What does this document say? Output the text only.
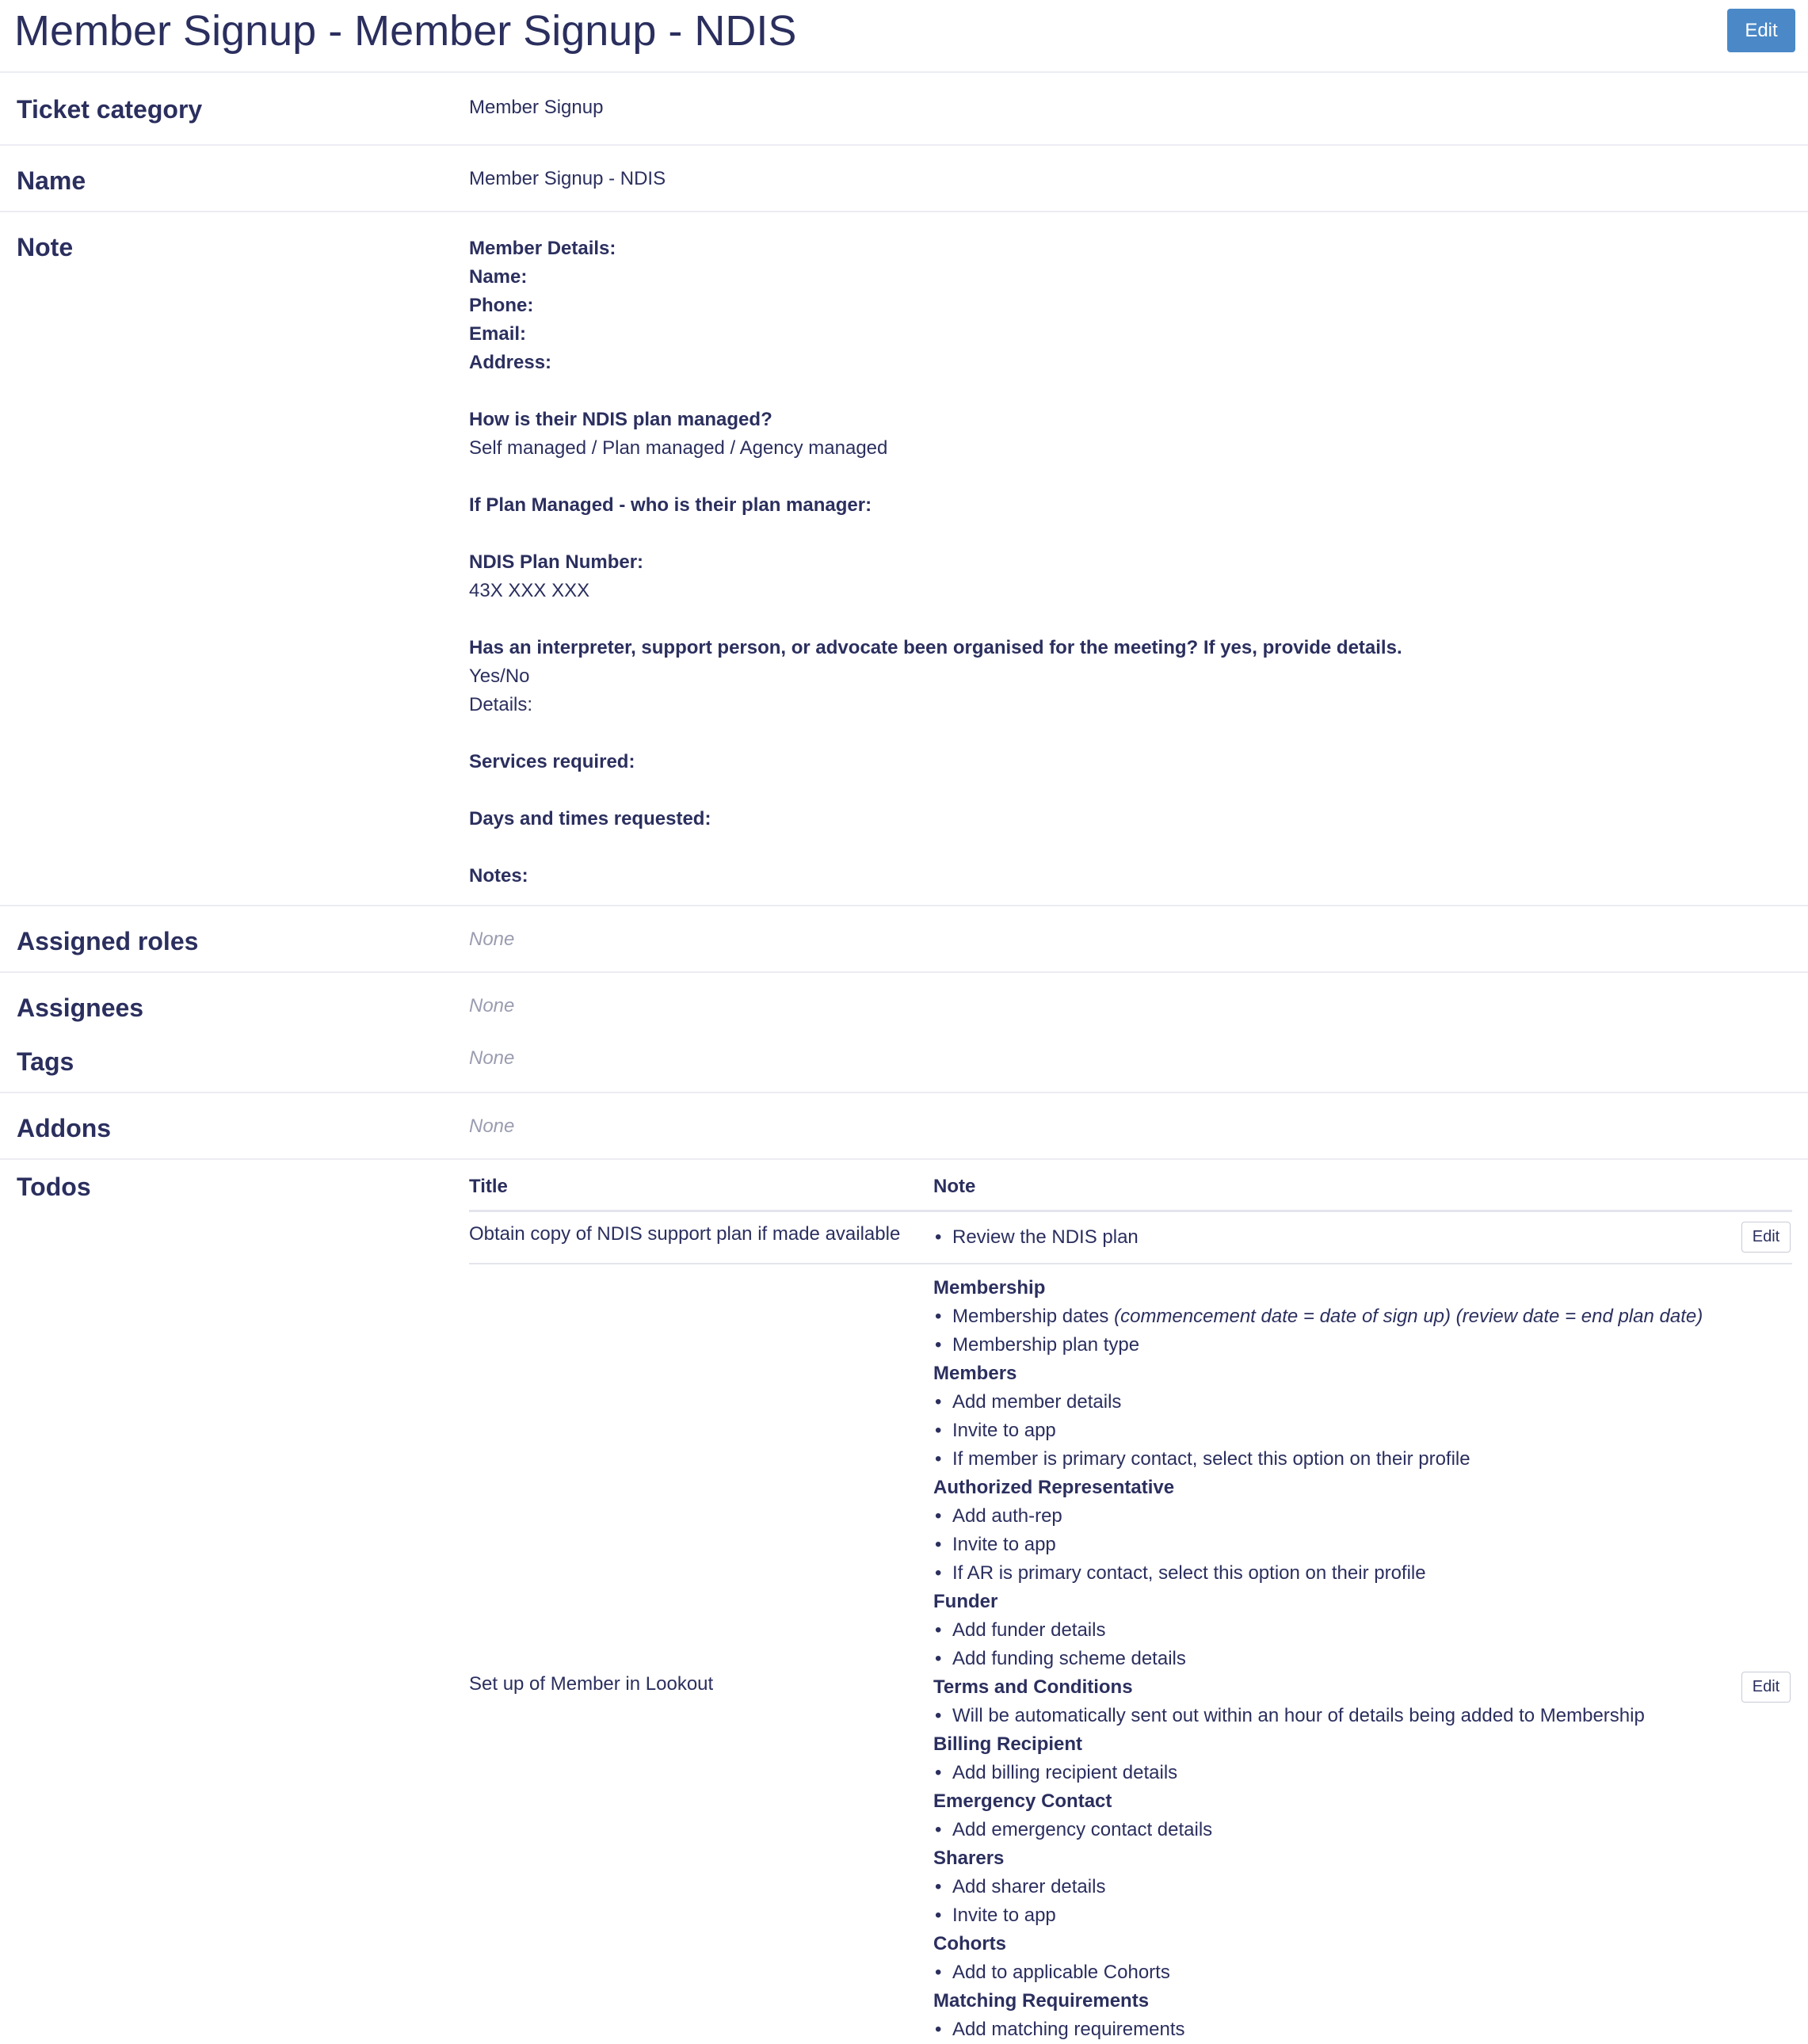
Member Signup - Member Signup - NDIS	Edit
Ticket category	Member Signup
Name	Member Signup - NDIS
Note	Member Details:
Name:
Phone:
Email:
Address:
How is their NDIS plan managed?
Self managed / Plan managed / Agency managed
If Plan Managed - who is their plan manager:
NDIS Plan Number:
43X XXX XXX
Has an interpreter, support person, or advocate been organised for the meeting? If yes, provide details.
Yes/No
Details:
Services required:
Days and times requested:
Notes:
Assigned roles	None
Assignees	None
Tags	None
Addons	None
Todos	Title	Note
Obtain copy of NDIS support plan if made available
•	Review the NDIS plan	Edit
Set up of Member in Lookout	Edit
Membership
• Membership dates (commencement date = date of sign up) (review date = end plan date)
• Membership plan type
Members
• Add member details
• Invite to app
• If member is primary contact, select this option on their profile
Authorized Representative
• Add auth-rep
• Invite to app
• If AR is primary contact, select this option on their profile
Funder
• Add funder details
• Add funding scheme details
Terms and Conditions
• Will be automatically sent out within an hour of details being added to Membership
Billing Recipient
• Add billing recipient details
Emergency Contact
• Add emergency contact details
Sharers
• Add sharer details
• Invite to app
Cohorts
• Add to applicable Cohorts
Matching Requirements
• Add matching requirements
